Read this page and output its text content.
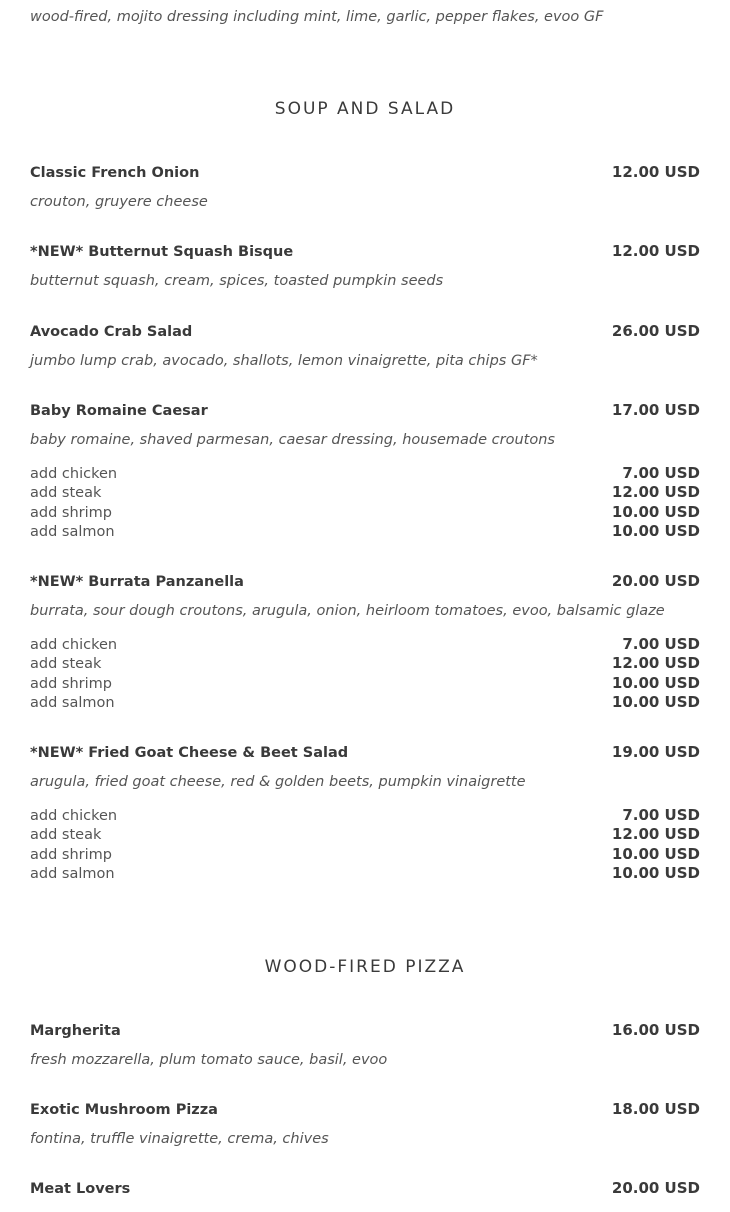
wood-fired, mojito dressing including mint, lime, garlic, pepper flakes, evoo GF
SOUP AND SALAD
Classic French Onion	12.00 USD
crouton, gruyere cheese
*NEW* Butternut Squash Bisque	12.00 USD
butternut squash, cream, spices, toasted pumpkin seeds
Avocado Crab Salad	26.00 USD
jumbo lump crab, avocado, shallots, lemon vinaigrette, pita chips GF*
Baby Romaine Caesar	17.00 USD
baby romaine, shaved parmesan, caesar dressing, housemade croutons
add chicken	7.00 USD
add steak	12.00 USD
add shrimp	10.00 USD
add salmon	10.00 USD
*NEW* Burrata Panzanella	20.00 USD
burrata, sour dough croutons, arugula, onion, heirloom tomatoes, evoo, balsamic glaze
add chicken	7.00 USD
add steak	12.00 USD
add shrimp	10.00 USD
add salmon	10.00 USD
*NEW* Fried Goat Cheese & Beet Salad	19.00 USD
arugula, fried goat cheese, red & golden beets, pumpkin vinaigrette
add chicken	7.00 USD
add steak	12.00 USD
add shrimp	10.00 USD
add salmon	10.00 USD
WOOD-FIRED PIZZA
Margherita	16.00 USD
fresh mozzarella, plum tomato sauce, basil, evoo
Exotic Mushroom Pizza	18.00 USD
fontina, truffle vinaigrette, crema, chives
Meat Lovers	20.00 USD
